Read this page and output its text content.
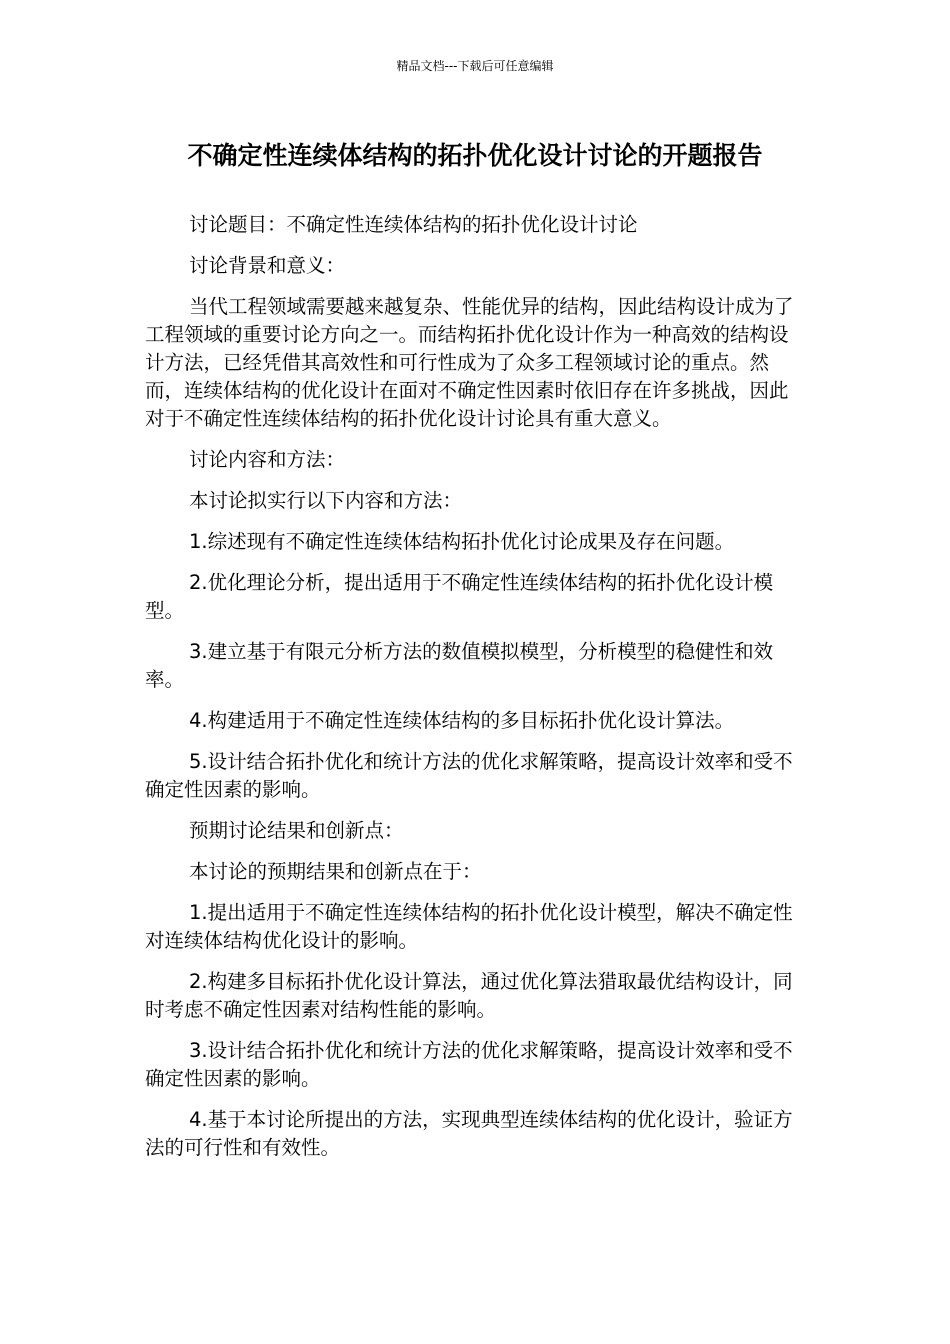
精品文档---下载后可任意编辑
不确定性连续体结构的拓扑优化设计讨论的开题报告

讨论题目：不确定性连续体结构的拓扑优化设计讨论

讨论背景和意义：

当代工程领域需要越来越复杂、性能优异的结构，因此结构设计成为了工程领域的重要讨论方向之一。而结构拓扑优化设计作为一种高效的结构设计方法，已经凭借其高效性和可行性成为了众多工程领域讨论的重点。然而，连续体结构的优化设计在面对不确定性因素时依旧存在许多挑战，因此对于不确定性连续体结构的拓扑优化设计讨论具有重大意义。

讨论内容和方法：

本讨论拟实行以下内容和方法：

1.综述现有不确定性连续体结构拓扑优化讨论成果及存在问题。

2.优化理论分析，提出适用于不确定性连续体结构的拓扑优化设计模型。

3.建立基于有限元分析方法的数值模拟模型，分析模型的稳健性和效率。

4.构建适用于不确定性连续体结构的多目标拓扑优化设计算法。

5.设计结合拓扑优化和统计方法的优化求解策略，提高设计效率和受不确定性因素的影响。

预期讨论结果和创新点：

本讨论的预期结果和创新点在于：

1.提出适用于不确定性连续体结构的拓扑优化设计模型，解决不确定性对连续体结构优化设计的影响。

2.构建多目标拓扑优化设计算法，通过优化算法猎取最优结构设计，同时考虑不确定性因素对结构性能的影响。

3.设计结合拓扑优化和统计方法的优化求解策略，提高设计效率和受不确定性因素的影响。

4.基于本讨论所提出的方法，实现典型连续体结构的优化设计，验证方法的可行性和有效性。
